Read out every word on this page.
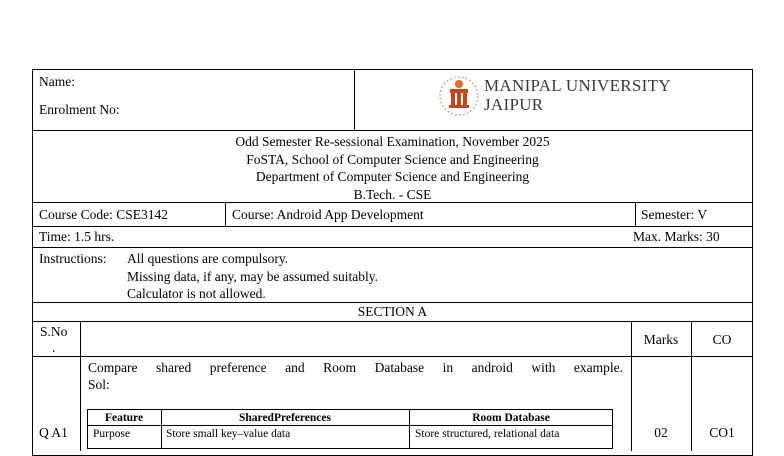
Name:
Enrolment No:
MANIPAL UNIVERSITY
JAIPUR
Odd Semester Re-sessional Examination, November 2025
FoSTA, School of Computer Science and Engineering
Department of Computer Science and Engineering
B.Tech. - CSE
Course Code: CSE3142	Course: Android App Development	Semester: V
Time: 1.5 hrs.	Max. Marks: 30
Instructions: All questions are compulsory.
Missing data, if any, may be assumed suitably.
Calculator is not allowed.
SECTION A
S.No
.
Marks	CO
Compare shared preference and Room Database in android with example.
Sol:
Q A1	02	CO1
Feature	SharedPreferences	Room Database
Purpose	Store small key–value data	Store structured, relational data
